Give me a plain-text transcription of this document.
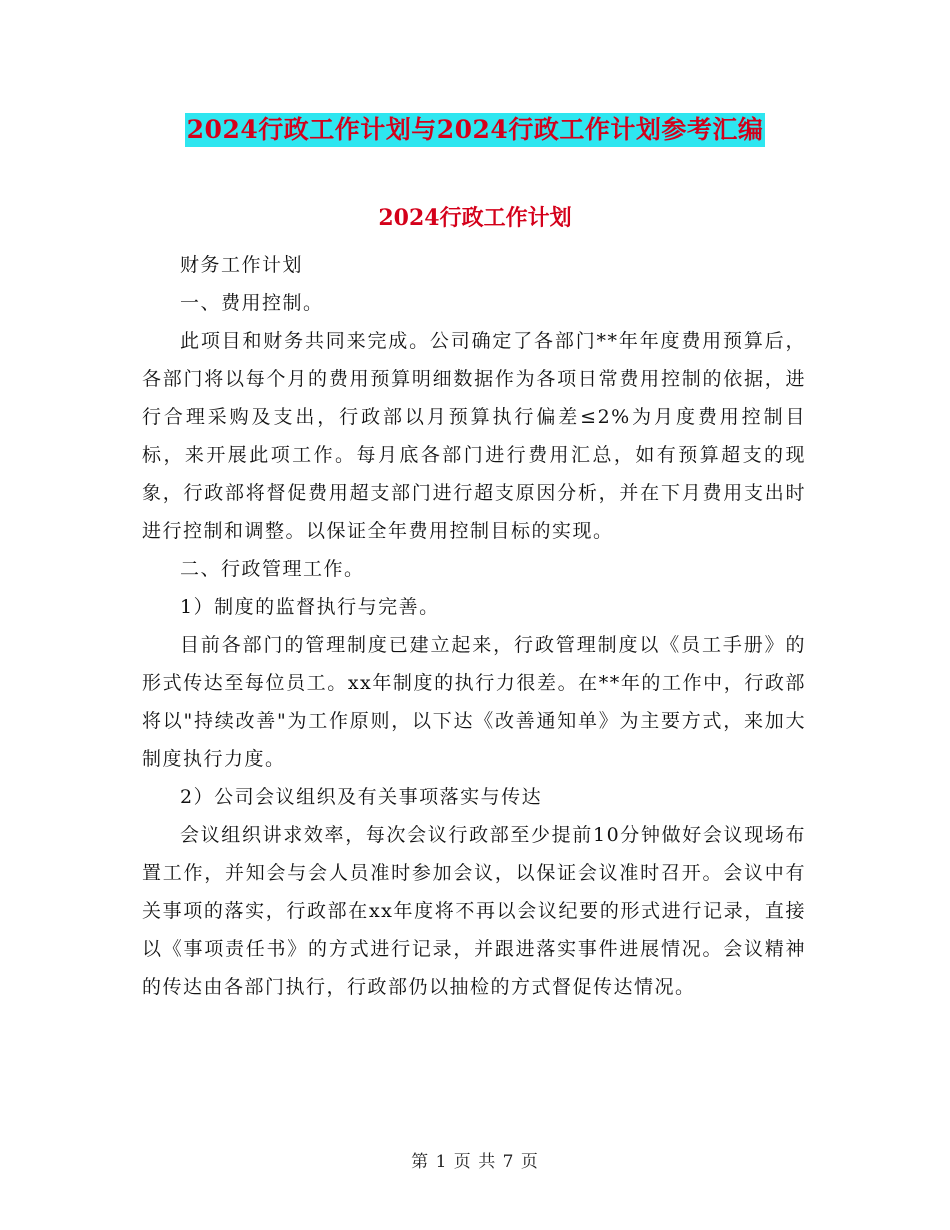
2024行政工作计划与2024行政工作计划参考汇编
2024行政工作计划

财务工作计划

一、费用控制。

此项目和财务共同来完成。公司确定了各部门**年年度费用预算后，各部门将以每个月的费用预算明细数据作为各项日常费用控制的依据，进行合理采购及支出，行政部以月预算执行偏差≤2%为月度费用控制目标，来开展此项工作。每月底各部门进行费用汇总，如有预算超支的现象，行政部将督促费用超支部门进行超支原因分析，并在下月费用支出时进行控制和调整。以保证全年费用控制目标的实现。

二、行政管理工作。

1）制度的监督执行与完善。

目前各部门的管理制度已建立起来，行政管理制度以《员工手册》的形式传达至每位员工。xx年制度的执行力很差。在**年的工作中，行政部将以"持续改善"为工作原则，以下达《改善通知单》为主要方式，来加大制度执行力度。

2）公司会议组织及有关事项落实与传达

会议组织讲求效率，每次会议行政部至少提前10分钟做好会议现场布置工作，并知会与会人员准时参加会议，以保证会议准时召开。会议中有关事项的落实，行政部在xx年度将不再以会议纪要的形式进行记录，直接以《事项责任书》的方式进行记录，并跟进落实事件进展情况。会议精神的传达由各部门执行，行政部仍以抽检的方式督促传达情况。

第 1 页 共 7 页
